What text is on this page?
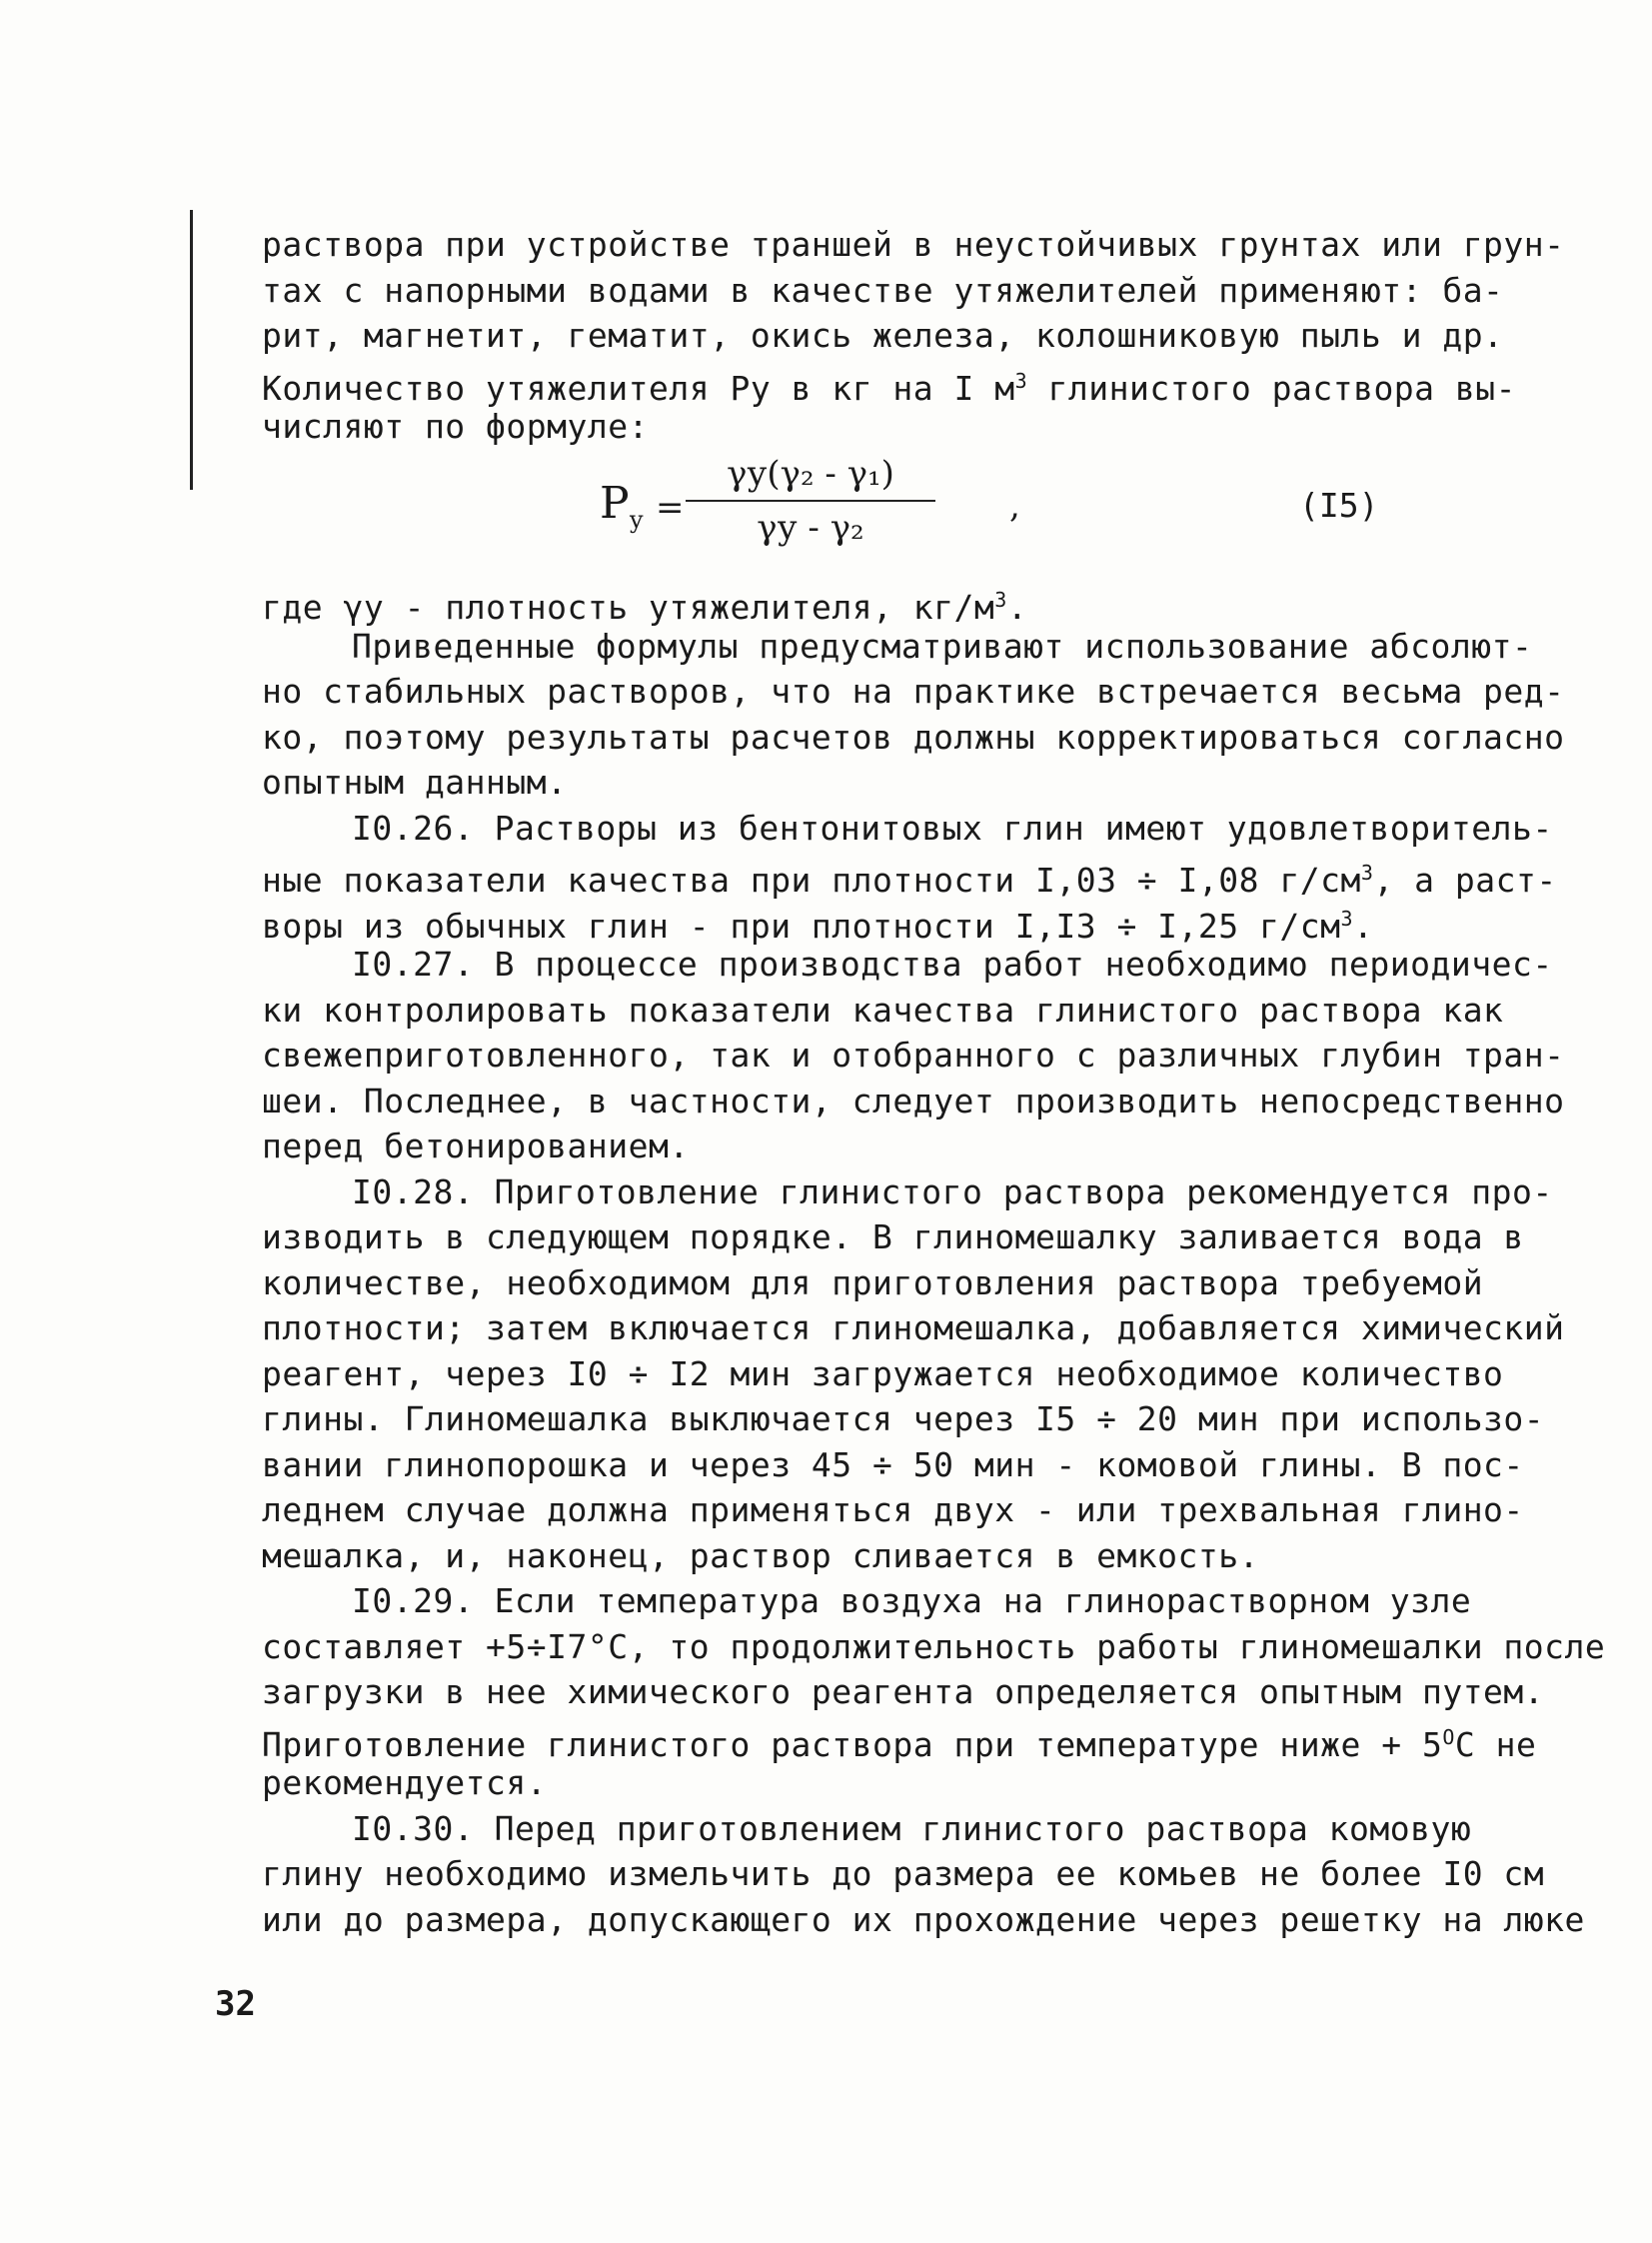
раствора при устройстве траншей в неустойчивых грунтах или грун-
тах с напорными водами в качестве утяжелителей применяют: ба-
рит, магнетит, гематит, окись железа, колошниковую пыль и др.
Количество утяжелителя Pу в кг на I $м^3$ глинистого раствора вы-
числяют по формуле:
$P_у$ =
γу(γ₂ - γ₁)
γу - γ₂
,	(I5)
где γу - плотность утяжелителя, $кг/м^3$.
Приведенные формулы предусматривают использование абсолют-
но стабильных растворов, что на практике встречается весьма ред-
ко, поэтому результаты расчетов должны корректироваться согласно
опытным данным.
I0.26. Растворы из бентонитовых глин имеют удовлетворитель-
ные показатели качества при плотности I,03 ÷ I,08 $г/см^3$, а раст-
воры из обычных глин - при плотности I,I3 ÷ I,25 $г/см^3$.
I0.27. В процессе производства работ необходимо периодичес-
ки контролировать показатели качества глинистого раствора как
свежеприготовленного, так и отобранного с различных глубин тран-
шеи. Последнее, в частности, следует производить непосредственно
перед бетонированием.
I0.28. Приготовление глинистого раствора рекомендуется про-
изводить в следующем порядке. В глиномешалку заливается вода в
количестве, необходимом для приготовления раствора требуемой
плотности; затем включается глиномешалка, добавляется химический
реагент, через I0 ÷ I2 мин загружается необходимое количество
глины. Глиномешалка выключается через I5 ÷ 20 мин при использо-
вании глинопорошка и через 45 ÷ 50 мин - комовой глины. В пос-
леднем случае должна применяться двух - или трехвальная глино-
мешалка, и, наконец, раствор сливается в емкость.
I0.29. Если температура воздуха на глинорастворном узле
составляет +5÷I7°С, то продолжительность работы глиномешалки после
загрузки в нее химического реагента определяется опытным путем.
Приготовление глинистого раствора при температуре ниже + $5^ОС$ не
рекомендуется.
I0.30. Перед приготовлением глинистого раствора комовую
глину необходимо измельчить до размера ее комьев не более I0 см
или до размера, допускающего их прохождение через решетку на люке
32
